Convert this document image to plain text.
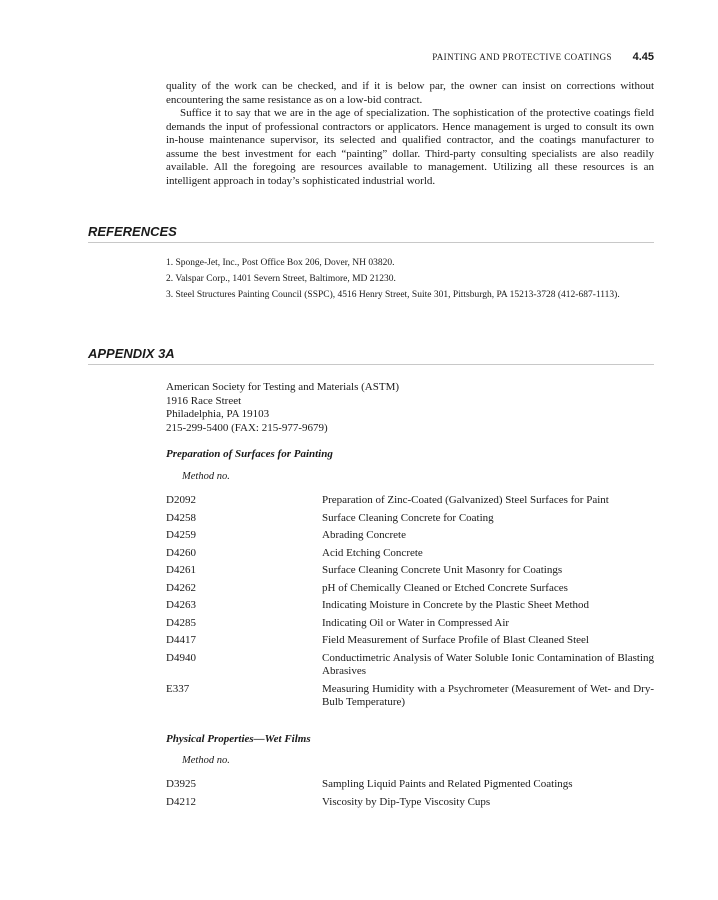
PAINTING AND PROTECTIVE COATINGS 4.45

quality of the work can be checked, and if it is below par, the owner can insist on corrections without encountering the same resistance as on a low-bid contract.

Suffice it to say that we are in the age of specialization. The sophistication of the protective coatings field demands the input of professional contractors or applicators. Hence management is urged to consult its own in-house maintenance supervisor, its selected and qualified contractor, and the coatings manufacturer to assume the best investment for each “painting” dollar. Third-party consulting specialists are also readily available. All the foregoing are resources available to management. Utilizing all these resources is an intelligent approach in today’s sophisticated industrial world.

REFERENCES
1. Sponge-Jet, Inc., Post Office Box 206, Dover, NH 03820.
2. Valspar Corp., 1401 Severn Street, Baltimore, MD 21230.
3. Steel Structures Painting Council (SSPC), 4516 Henry Street, Suite 301, Pittsburgh, PA 15213-3728 (412-687-1113).
APPENDIX 3A
American Society for Testing and Materials (ASTM)
1916 Race Street
Philadelphia, PA 19103
215-299-5400 (FAX: 215-977-9679)
Preparation of Surfaces for Painting
Method no.
D2092	Preparation of Zinc-Coated (Galvanized) Steel Surfaces for Paint
D4258	Surface Cleaning Concrete for Coating
D4259	Abrading Concrete
D4260	Acid Etching Concrete
D4261	Surface Cleaning Concrete Unit Masonry for Coatings
D4262	pH of Chemically Cleaned or Etched Concrete Surfaces
D4263	Indicating Moisture in Concrete by the Plastic Sheet Method
D4285	Indicating Oil or Water in Compressed Air
D4417	Field Measurement of Surface Profile of Blast Cleaned Steel
D4940	Conductimetric Analysis of Water Soluble Ionic Contamination of Blasting Abrasives
E337	Measuring Humidity with a Psychrometer (Measurement of Wet- and Dry-Bulb Temperature)
Physical Properties—Wet Films
Method no.
D3925	Sampling Liquid Paints and Related Pigmented Coatings
D4212	Viscosity by Dip-Type Viscosity Cups
